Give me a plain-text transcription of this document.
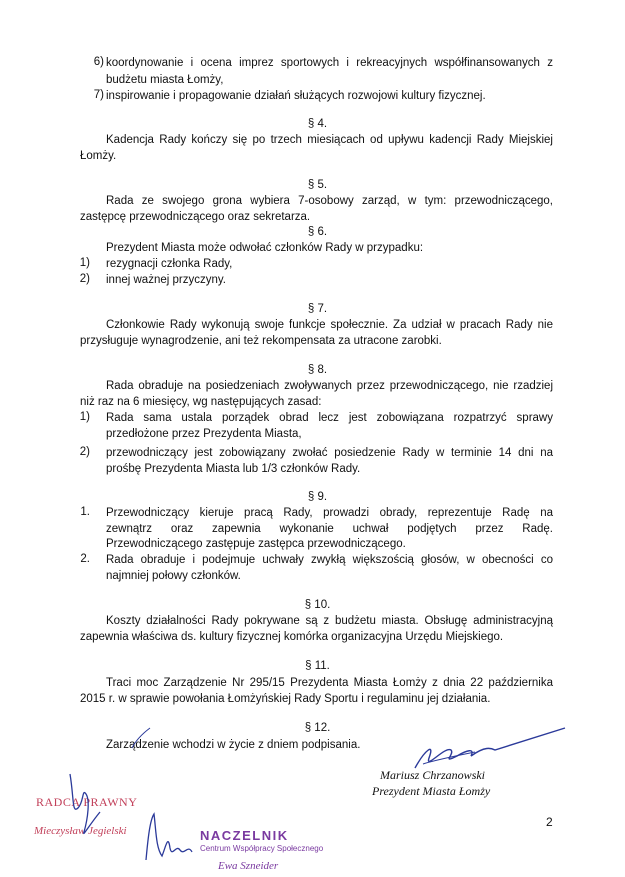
6) koordynowanie i ocena imprez sportowych i rekreacyjnych współfinansowanych z
budżetu miasta Łomży,
7) inspirowanie i propagowanie działań służących rozwojowi kultury fizycznej.
§ 4.
Kadencja Rady kończy się po trzech miesiącach od upływu kadencji Rady Miejskiej
Łomży.
§ 5.
Rada ze swojego grona wybiera 7-osobowy zarząd, w tym: przewodniczącego,
zastępcę przewodniczącego oraz sekretarza.
§ 6.
Prezydent Miasta może odwołać członków Rady w przypadku:
1) rezygnacji członka Rady,
2) innej ważnej przyczyny.
§ 7.
Członkowie Rady wykonują swoje funkcje społecznie. Za udział w pracach Rady nie
przysługuje wynagrodzenie, ani też rekompensata za utracone zarobki.
§ 8.
Rada obraduje na posiedzeniach zwoływanych przez przewodniczącego, nie rzadziej
niż raz na 6 miesięcy, wg następujących zasad:
1) Rada sama ustala porządek obrad lecz jest zobowiązana rozpatrzyć sprawy
przedłożone przez Prezydenta Miasta,
2) przewodniczący jest zobowiązany zwołać posiedzenie Rady w terminie 14 dni na
prośbę Prezydenta Miasta lub 1/3 członków Rady.
§ 9.
1. Przewodniczący kieruje pracą Rady, prowadzi obrady, reprezentuje Radę na
zewnątrz oraz zapewnia wykonanie uchwał podjętych przez Radę.
Przewodniczącego zastępuje zastępca przewodniczącego.
2. Rada obraduje i podejmuje uchwały zwykłą większością głosów, w obecności co
najmniej połowy członków.
§ 10.
Koszty działalności Rady pokrywane są z budżetu miasta. Obsługę administracyjną
zapewnia właściwa ds. kultury fizycznej komórka organizacyjna Urzędu Miejskiego.
§ 11.
Traci moc Zarządzenie Nr 295/15 Prezydenta Miasta Łomży z dnia 22 października
2015 r. w sprawie powołania Łomżyńskiej Rady Sportu i regulaminu jej działania.
§ 12.
Zarządzenie wchodzi w życie z dniem podpisania.
Mariusz Chrzanowski
Prezydent Miasta Łomży
RADCA PRAWNY
Mieczysław Jegielski	NACZELNIK
Centrum Współpracy Społecznego
Ewa Szneider
2
